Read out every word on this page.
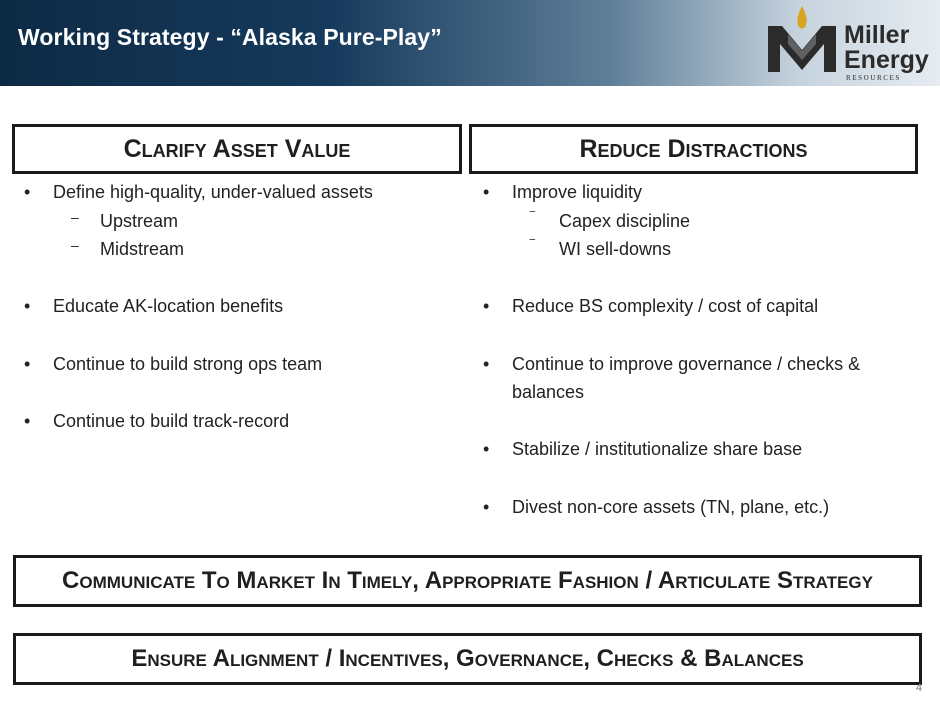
Working Strategy - “Alaska Pure-Play”	Miller
Energy
RESOURCES
Clarify Asset Value	Reduce Distractions
• Define high-quality, under-valued assets
– Upstream
– Midstream
• Educate AK-location benefits
• Continue to build strong ops team
• Continue to build track-record
• Improve liquidity
‾ Capex discipline
‾ WI sell-downs
• Reduce BS complexity / cost of capital
• Continue to improve governance / checks & balances
• Stabilize / institutionalize share base
• Divest non-core assets (TN, plane, etc.)
Communicate To Market In Timely, Appropriate Fashion / Articulate Strategy
Ensure Alignment / Incentives, Governance, Checks & Balances
4
